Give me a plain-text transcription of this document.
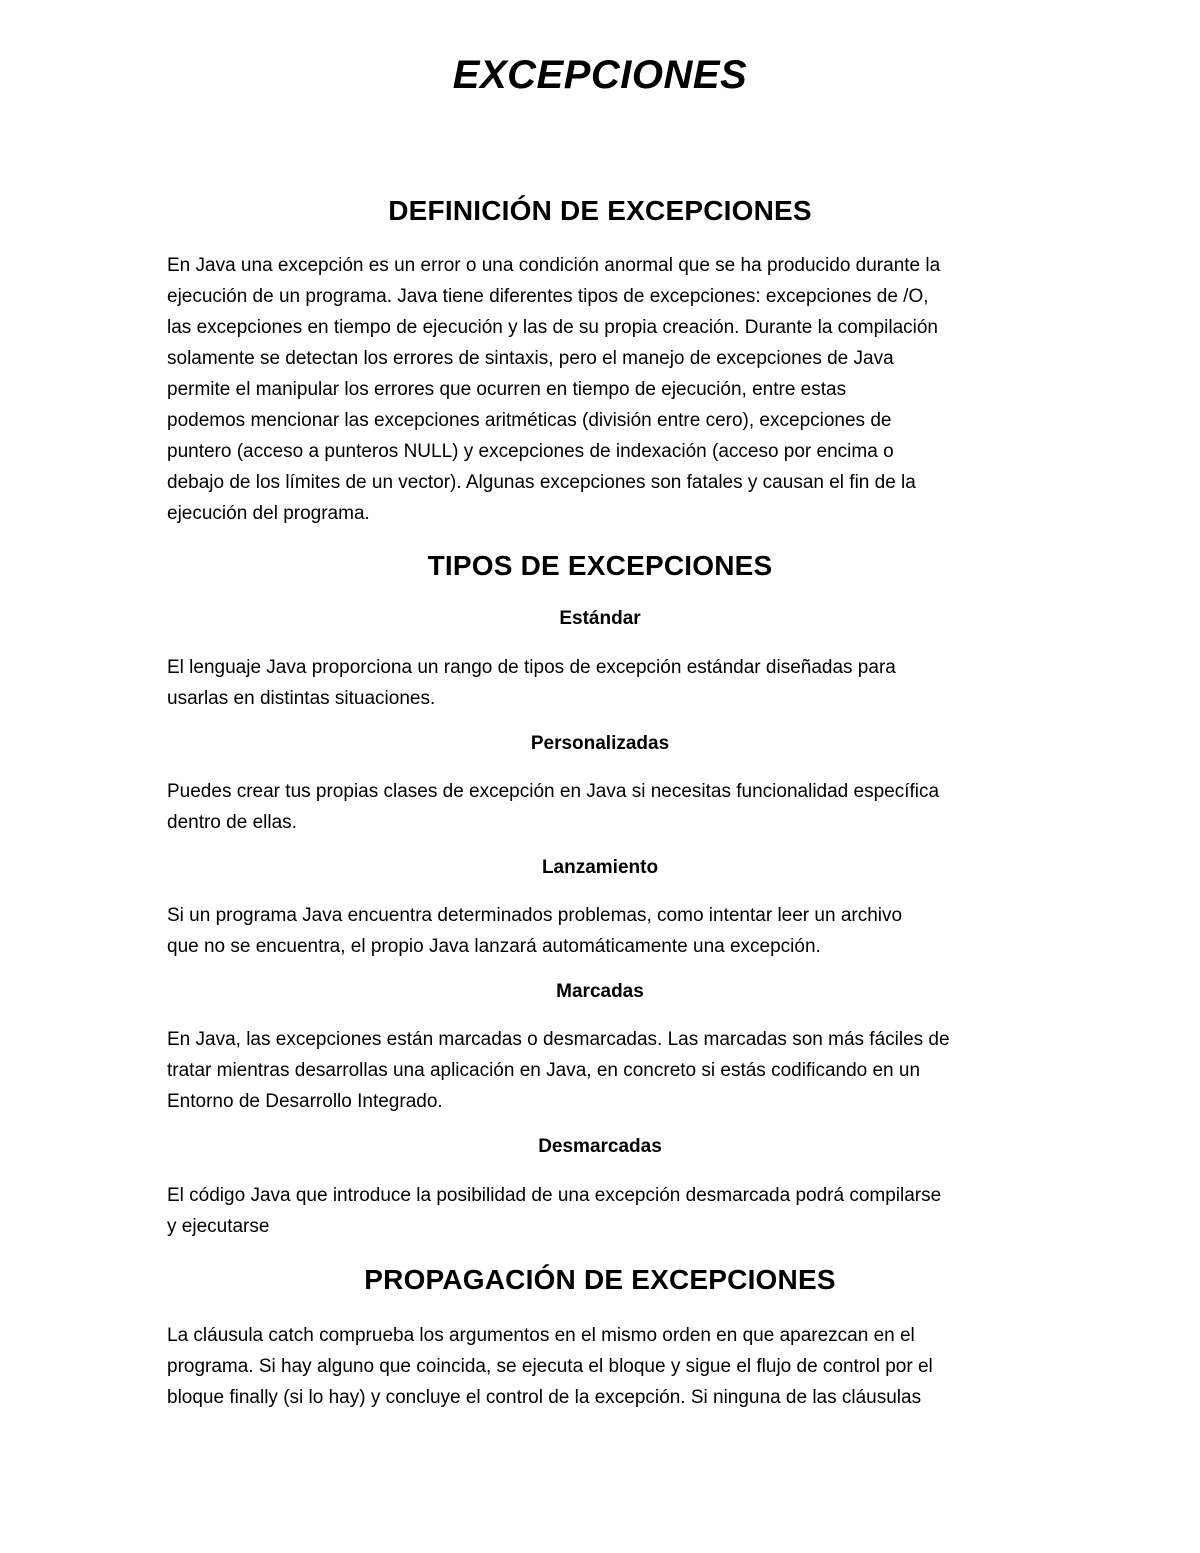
EXCEPCIONES
DEFINICIÓN DE EXCEPCIONES

En Java una excepción es un error o una condición anormal que se ha producido durante la
ejecución de un programa. Java tiene diferentes tipos de excepciones: excepciones de /O,
las excepciones en tiempo de ejecución y las de su propia creación. Durante la compilación
solamente se detectan los errores de sintaxis, pero el manejo de excepciones de Java
permite el manipular los errores que ocurren en tiempo de ejecución, entre estas
podemos mencionar las excepciones aritméticas (división entre cero), excepciones de
puntero (acceso a punteros NULL) y excepciones de indexación (acceso por encima o
debajo de los límites de un vector). Algunas excepciones son fatales y causan el fin de la
ejecución del programa.

TIPOS DE EXCEPCIONES
Estándar

El lenguaje Java proporciona un rango de tipos de excepción estándar diseñadas para
usarlas en distintas situaciones.

Personalizadas

Puedes crear tus propias clases de excepción en Java si necesitas funcionalidad específica
dentro de ellas.

Lanzamiento

Si un programa Java encuentra determinados problemas, como intentar leer un archivo
que no se encuentra, el propio Java lanzará automáticamente una excepción.

Marcadas

En Java, las excepciones están marcadas o desmarcadas. Las marcadas son más fáciles de
tratar mientras desarrollas una aplicación en Java, en concreto si estás codificando en un
Entorno de Desarrollo Integrado.

Desmarcadas

El código Java que introduce la posibilidad de una excepción desmarcada podrá compilarse
y ejecutarse

PROPAGACIÓN DE EXCEPCIONES

La cláusula catch comprueba los argumentos en el mismo orden en que aparezcan en el
programa. Si hay alguno que coincida, se ejecuta el bloque y sigue el flujo de control por el
bloque finally (si lo hay) y concluye el control de la excepción. Si ninguna de las cláusulas
